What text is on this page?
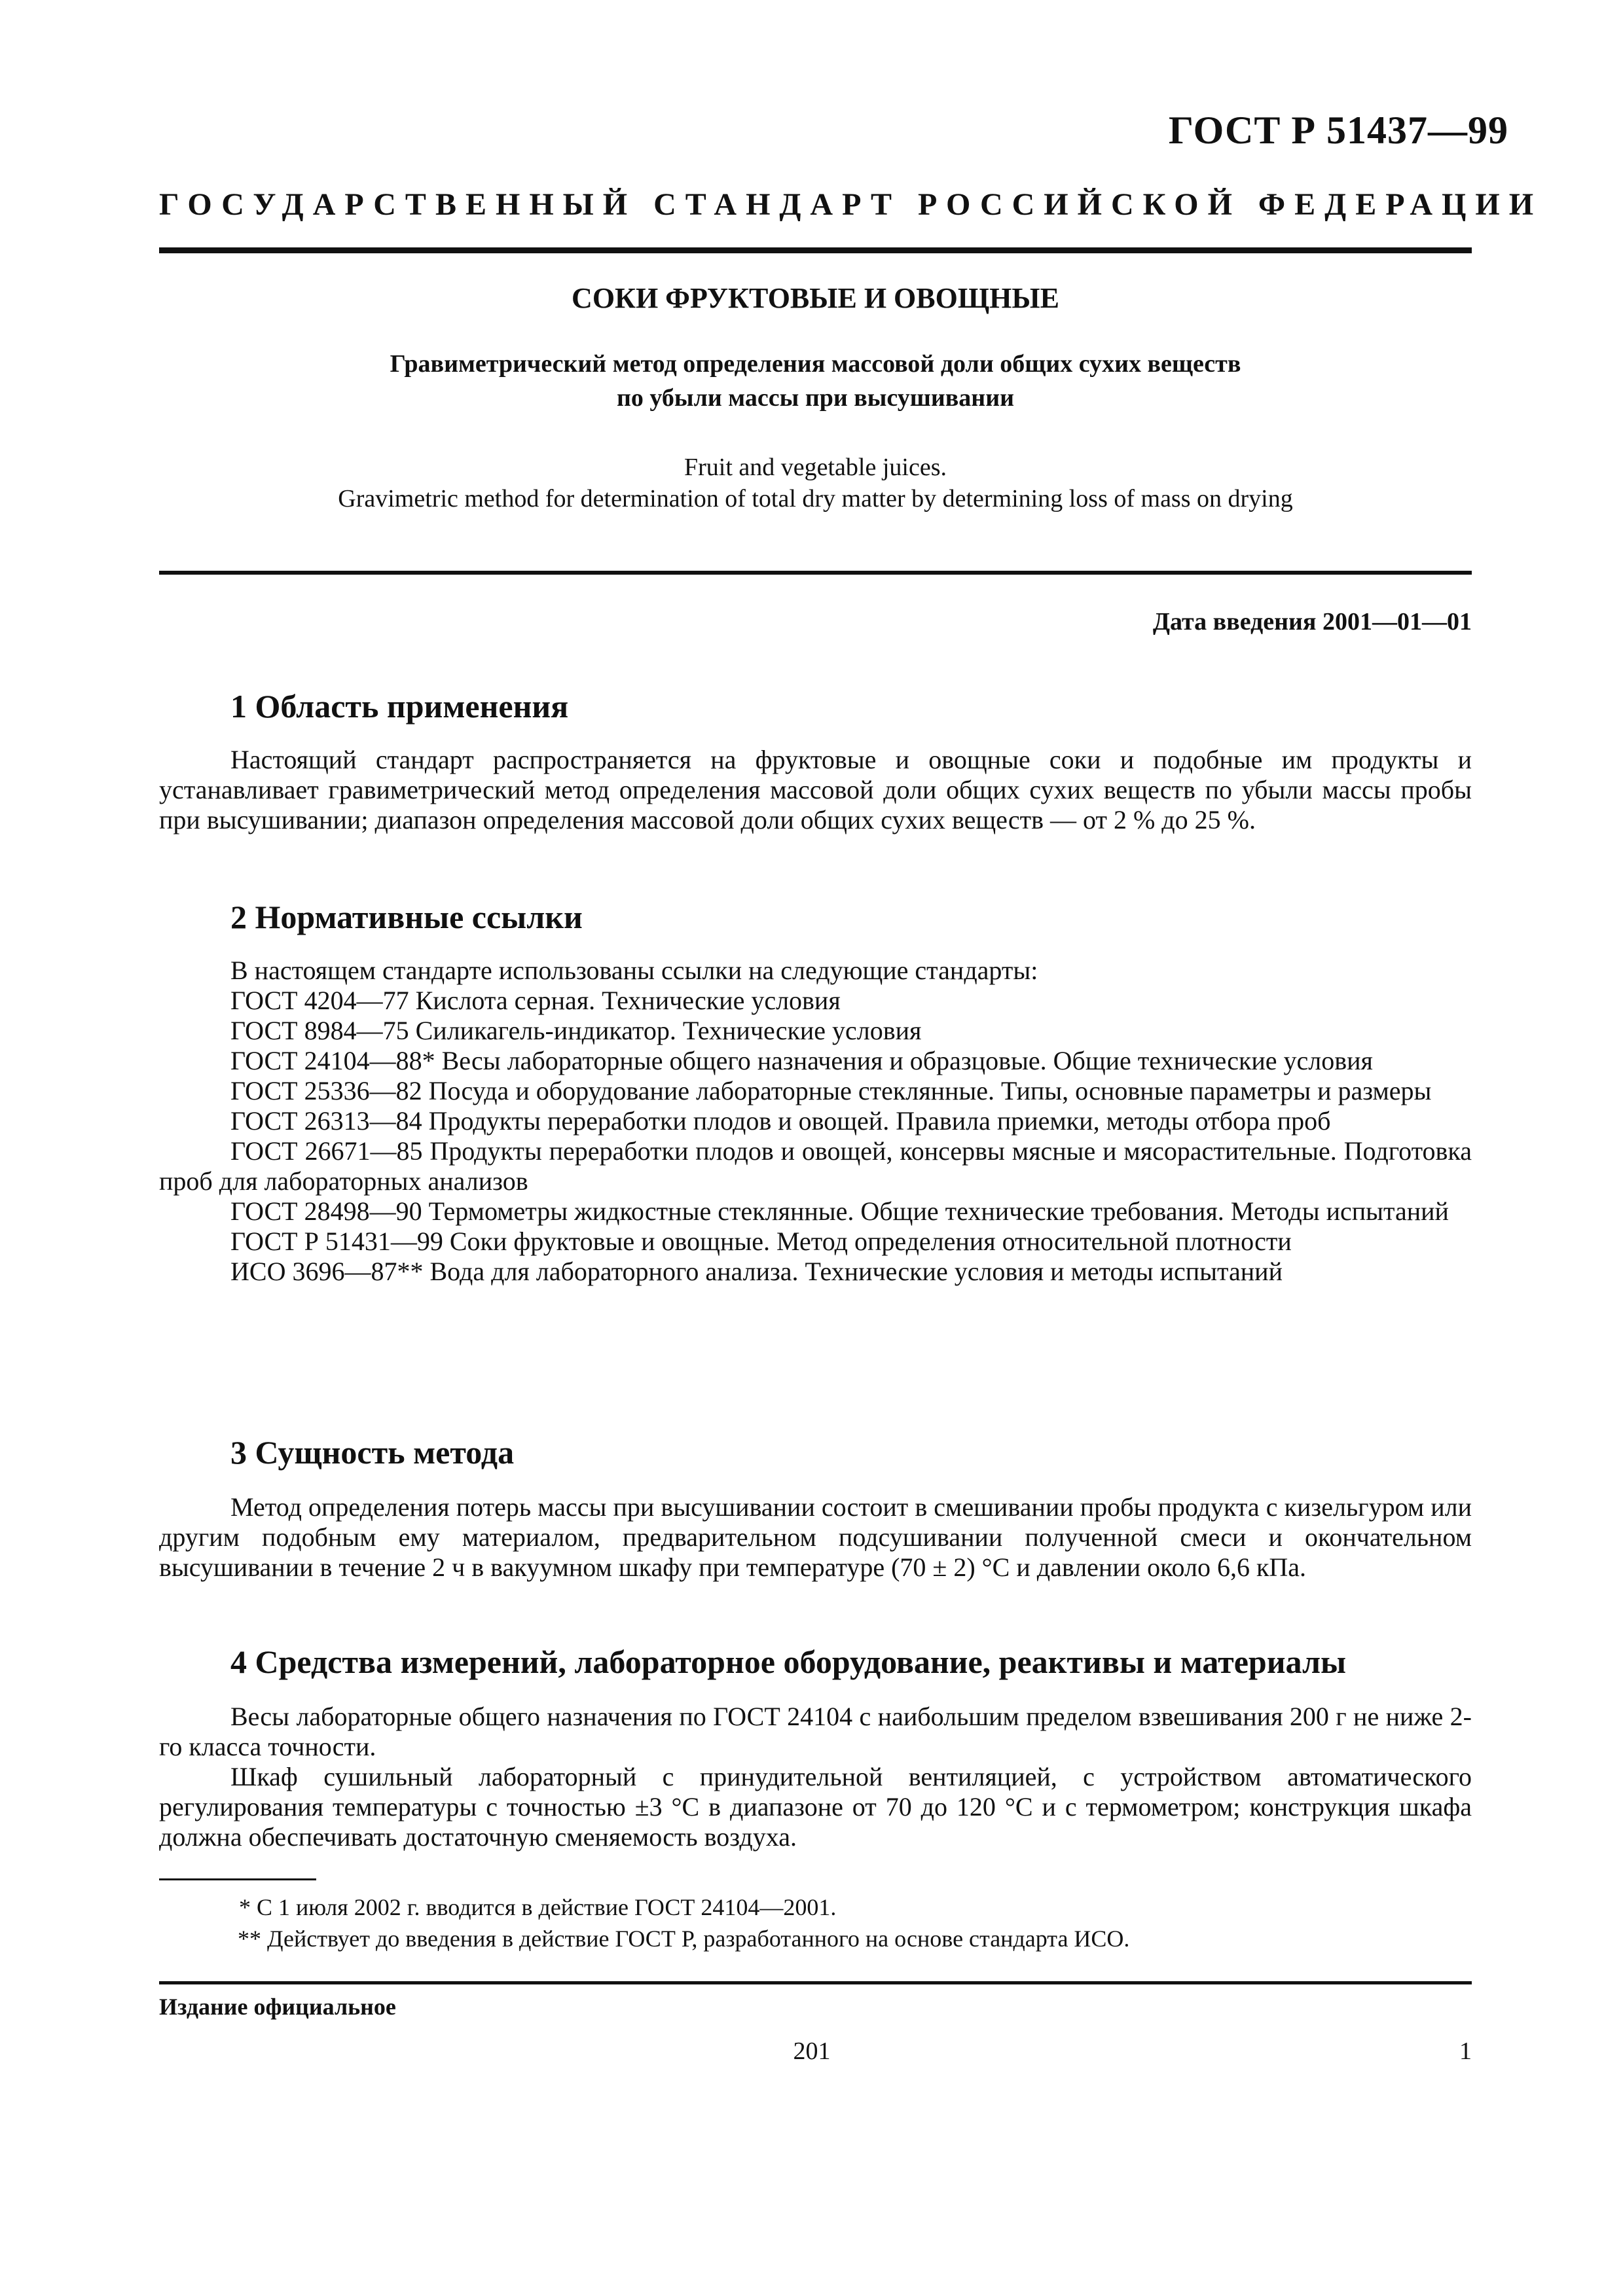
ГОСТ Р 51437—99
ГОСУДАРСТВЕННЫЙ СТАНДАРТ РОССИЙСКОЙ ФЕДЕРАЦИИ
СОКИ ФРУКТОВЫЕ И ОВОЩНЫЕ
Гравиметрический метод определения массовой доли общих сухих веществ
по убыли массы при высушивании
Fruit and vegetable juices.
Gravimetric method for determination of total dry matter by determining loss of mass on drying
Дата введения 2001—01—01
1 Область применения

Настоящий стандарт распространяется на фруктовые и овощные соки и подобные им продукты и устанавливает гравиметрический метод определения массовой доли общих сухих веществ по убыли массы пробы при высушивании; диапазон определения массовой доли общих сухих веществ — от 2 % до 25 %.

2 Нормативные ссылки

В настоящем стандарте использованы ссылки на следующие стандарты:

ГОСТ 4204—77 Кислота серная. Технические условия
ГОСТ 8984—75 Силикагель-индикатор. Технические условия
ГОСТ 24104—88* Весы лабораторные общего назначения и образцовые. Общие технические условия
ГОСТ 25336—82 Посуда и оборудование лабораторные стеклянные. Типы, основные параметры и размеры
ГОСТ 26313—84 Продукты переработки плодов и овощей. Правила приемки, методы отбора проб
ГОСТ 26671—85 Продукты переработки плодов и овощей, консервы мясные и мясорастительные. Подготовка проб для лабораторных анализов
ГОСТ 28498—90 Термометры жидкостные стеклянные. Общие технические требования. Методы испытаний
ГОСТ Р 51431—99 Соки фруктовые и овощные. Метод определения относительной плотности
ИСО 3696—87** Вода для лабораторного анализа. Технические условия и методы испытаний
3 Сущность метода

Метод определения потерь массы при высушивании состоит в смешивании пробы продукта с кизельгуром или другим подобным ему материалом, предварительном подсушивании полученной смеси и окончательном высушивании в течение 2 ч в вакуумном шкафу при температуре (70 ± 2) °С и давлении около 6,6 кПа.

4 Средства измерений, лабораторное оборудование, реактивы и материалы

Весы лабораторные общего назначения по ГОСТ 24104 с наибольшим пределом взвешивания 200 г не ниже 2-го класса точности.

Шкаф сушильный лабораторный с принудительной вентиляцией, с устройством автоматического регулирования температуры с точностью ±3 °С в диапазоне от 70 до 120 °С и с термометром; конструкция шкафа должна обеспечивать достаточную сменяемость воздуха.

* С 1 июля 2002 г. вводится в действие ГОСТ 24104—2001.
** Действует до введения в действие ГОСТ Р, разработанного на основе стандарта ИСО.
Издание официальное
201	1
